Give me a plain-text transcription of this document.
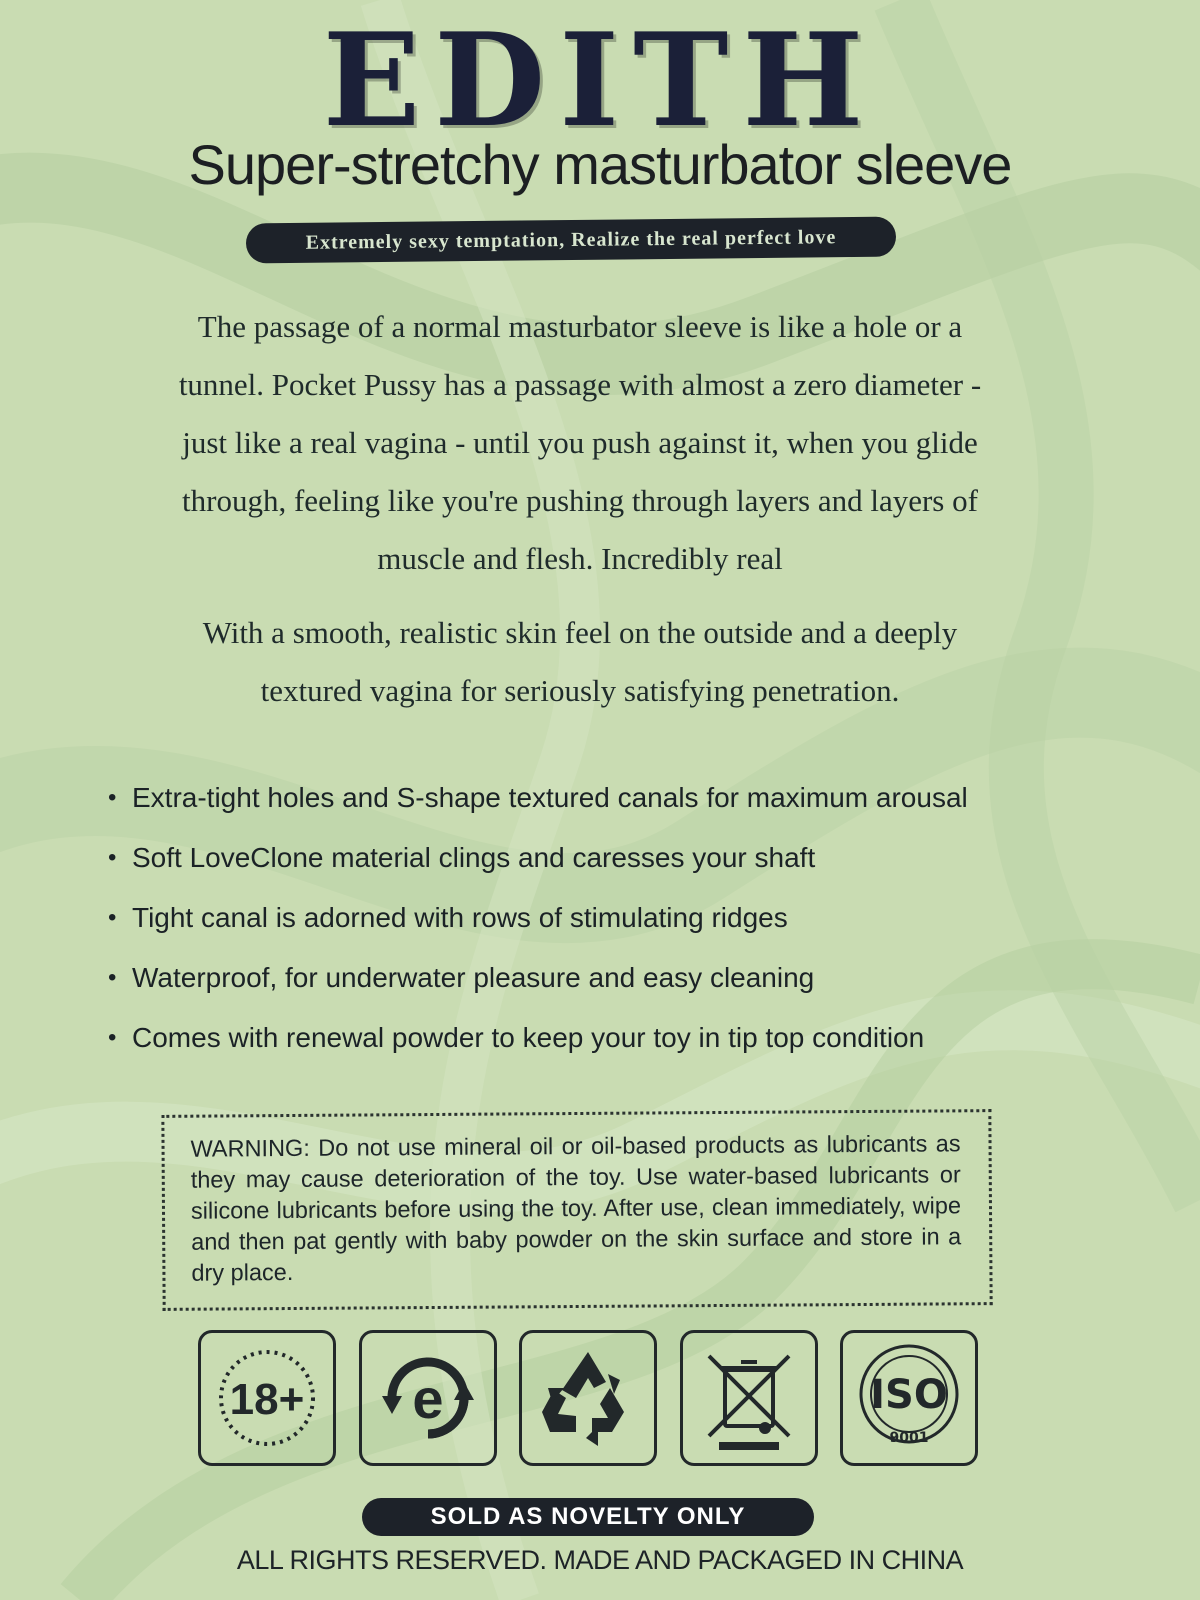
EDITH
Super-stretchy masturbator sleeve
Extremely sexy temptation, Realize the real perfect love
The passage of a normal masturbator sleeve is like a hole or a
tunnel. Pocket Pussy has a passage with almost a zero diameter -
just like a real vagina - until you push against it, when you glide
through, feeling like you're pushing through layers and layers of
muscle and flesh. Incredibly real
With a smooth, realistic skin feel on the outside and a deeply
textured vagina for seriously satisfying penetration.
• Extra-tight holes and S-shape textured canals for maximum arousal
• Soft LoveClone material clings and caresses your shaft
• Tight canal is adorned with rows of stimulating ridges
• Waterproof, for underwater pleasure and easy cleaning
• Comes with renewal powder to keep your toy in tip top condition
WARNING: Do not use mineral oil or oil-based products as lubricants as they may cause deterioration of the toy. Use water-based lubricants or silicone lubricants before using the toy. After use, clean immediately, wipe and then pat gently with baby powder on the skin surface and store in a dry place.
18+ e	ISO
9001
SOLD AS NOVELTY ONLY
ALL RIGHTS RESERVED. MADE AND PACKAGED IN CHINA
